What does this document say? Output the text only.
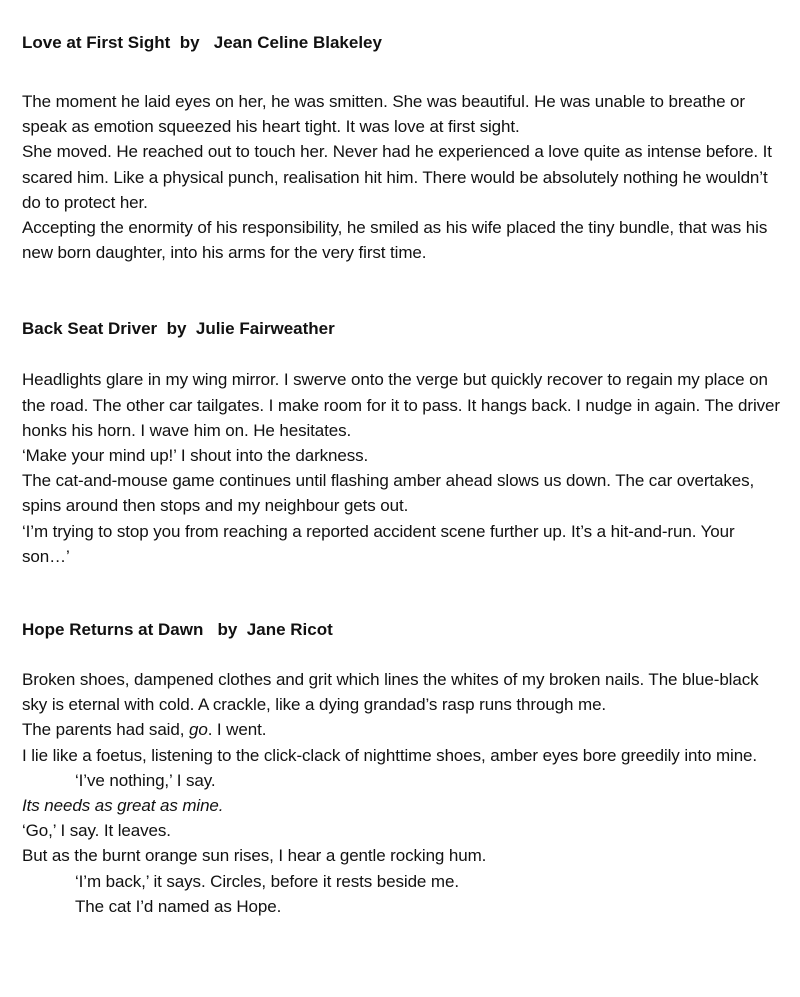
Love at First Sight  by   Jean Celine Blakeley

The moment he laid eyes on her, he was smitten. She was beautiful. He was unable to breathe or speak as emotion squeezed his heart tight. It was love at first sight.

She moved. He reached out to touch her. Never had he experienced a love quite as intense before. It scared him. Like a physical punch, realisation hit him. There would be absolutely nothing he wouldn’t do to protect her.

Accepting the enormity of his responsibility, he smiled as his wife placed the tiny bundle, that was his new born daughter, into his arms for the very first time.

Back Seat Driver  by  Julie Fairweather

Headlights glare in my wing mirror. I swerve onto the verge but quickly recover to regain my place on the road. The other car tailgates. I make room for it to pass. It hangs back. I nudge in again. The driver honks his horn. I wave him on. He hesitates.

‘Make your mind up!’ I shout into the darkness.

The cat-and-mouse game continues until flashing amber ahead slows us down. The car overtakes, spins around then stops and my neighbour gets out.

‘I’m trying to stop you from reaching a reported accident scene further up. It’s a hit-and-run. Your son…’

Hope Returns at Dawn   by  Jane Ricot

Broken shoes, dampened clothes and grit which lines the whites of my broken nails. The blue-black sky is eternal with cold. A crackle, like a dying grandad’s rasp runs through me.

The parents had said, go. I went.

I lie like a foetus, listening to the click-clack of nighttime shoes, amber eyes bore greedily into mine.

‘I’ve nothing,’ I say.

Its needs as great as mine.

‘Go,’ I say. It leaves.

But as the burnt orange sun rises, I hear a gentle rocking hum.

‘I’m back,’ it says. Circles, before it rests beside me.

The cat I’d named as Hope.
